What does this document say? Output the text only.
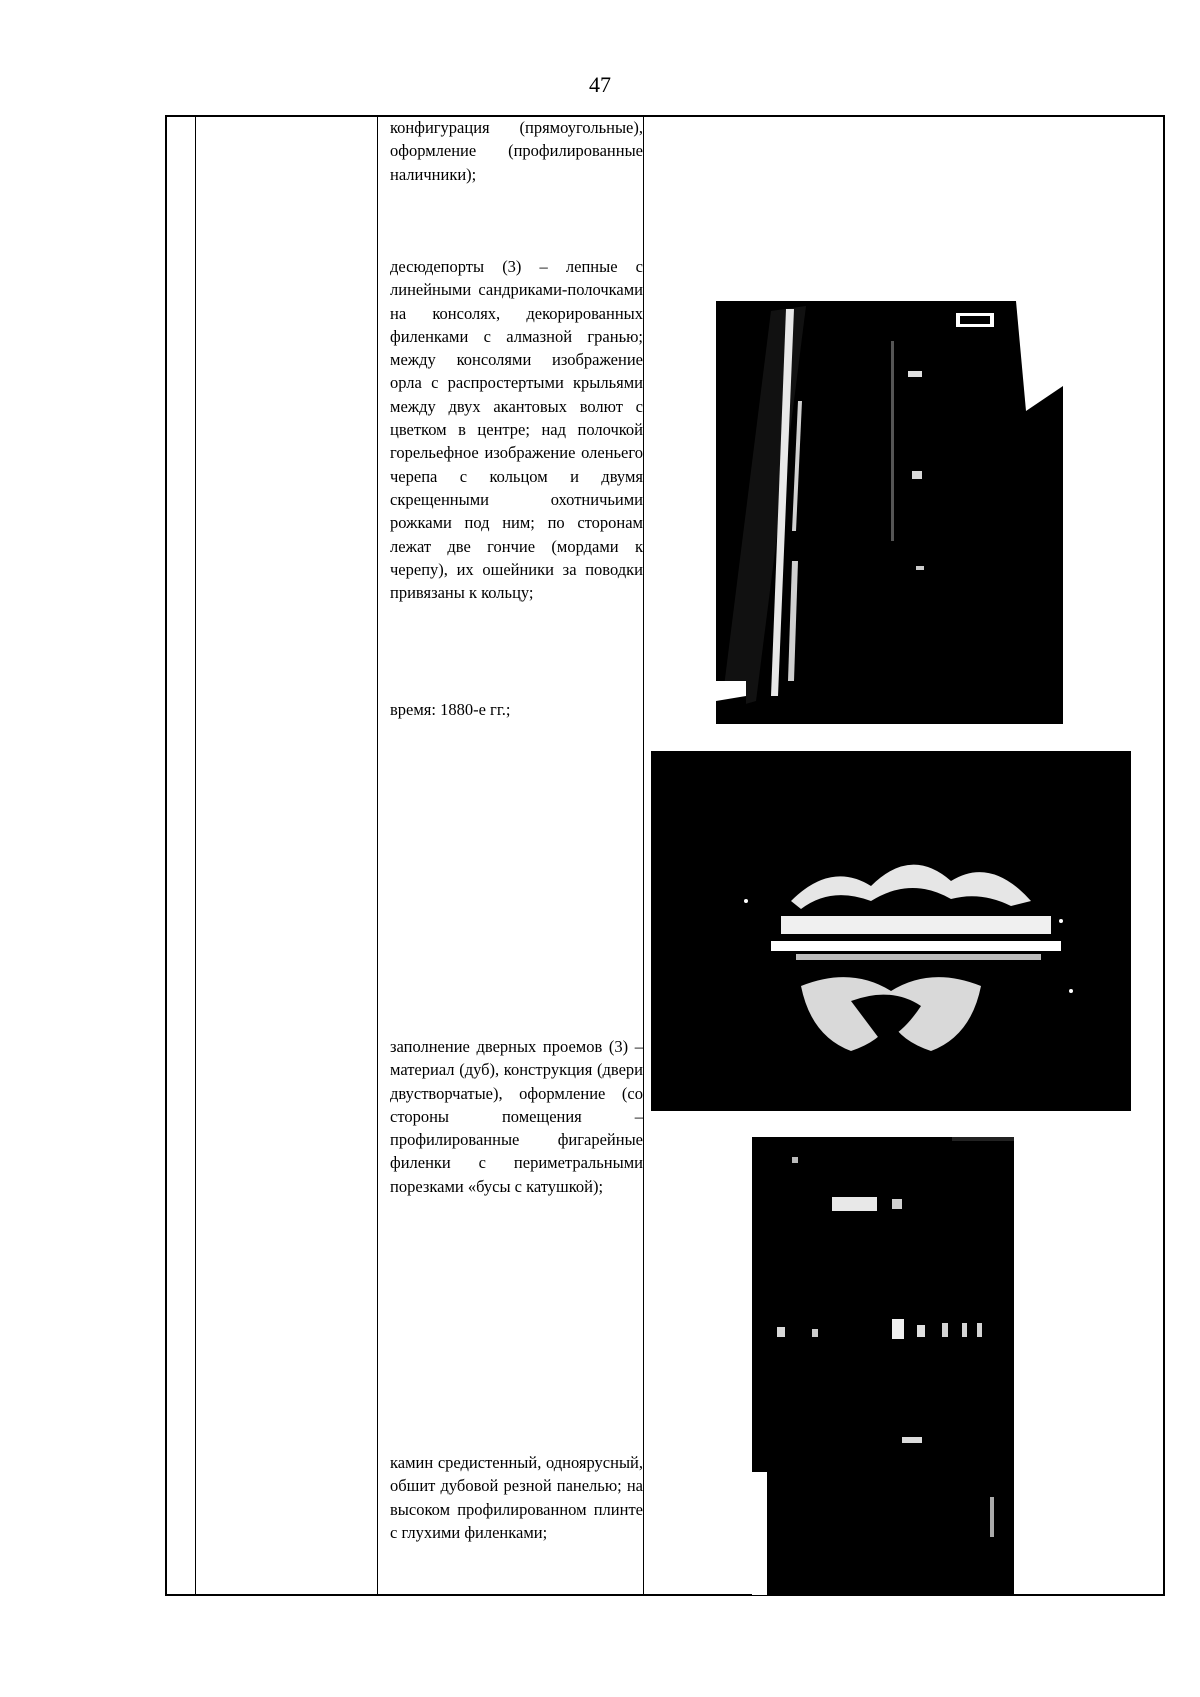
47
конфигурация (прямоугольные), оформление (профилированные наличники);
десюдепорты (3) – лепные с линейными сандриками-полочками на консолях, декорированных филенками с алмазной гранью; между консолями изображение орла с распростертыми крыльями между двух акантовых волют с цветком в центре; над полочкой горельефное изображение оленьего черепа с кольцом и двумя скрещенными охотничьими рожками под ним; по сторонам лежат две гончие (мордами к черепу), их ошейники за поводки привязаны к кольцу;
время: 1880-е гг.;
заполнение дверных проемов (3) – материал (дуб), конструкция (двери двустворчатые), оформление (со стороны помещения – профилированные фигарейные филенки с периметральными порезками «бусы с катушкой);
камин средистенный, одноярусный, обшит дубовой резной панелью; на высоком профилированном плинте с глухими филенками;
